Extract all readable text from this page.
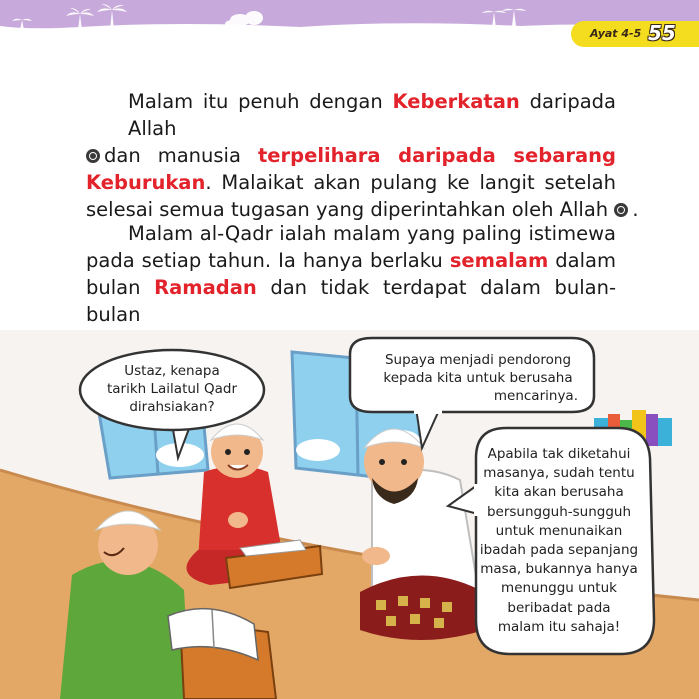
Ayat 4-5 55

Malam itu penuh dengan Keberkatan daripada Allah
dan manusia terpelihara daripada sebarang
Keburukan. Malaikat akan pulang ke langit setelah
selesai semua tugasan yang diperintahkan oleh Allah .

Malam al-Qadr ialah malam yang paling istimewa
pada setiap tahun. Ia hanya berlaku semalam dalam
bulan Ramadan dan tidak terdapat dalam bulan-bulan

Ustaz, kenapa
tarikh Lailatul Qadr
dirahsiakan?
Supaya menjadi pendorong
kepada kita untuk berusaha
mencarinya.
Apabila tak diketahui
masanya, sudah tentu
kita akan berusaha
bersungguh-sungguh
untuk menunaikan
ibadah pada sepanjang
masa, bukannya hanya
menunggu untuk
beribadat pada
malam itu sahaja!
